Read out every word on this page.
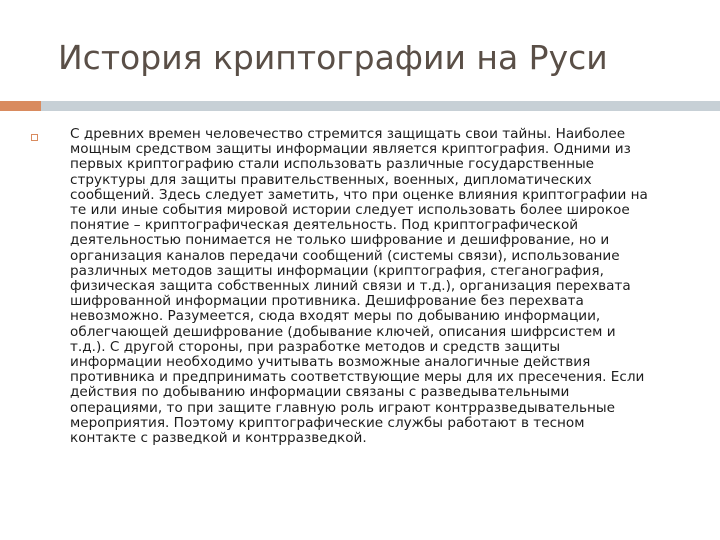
История криптографии на Руси
С древних времен человечество стремится защищать свои тайны. Наиболее
мощным средством защиты информации является криптография. Одними из
первых криптографию стали использовать различные государственные
структуры для защиты правительственных, военных, дипломатических
сообщений. Здесь следует заметить, что при оценке влияния криптографии на
те или иные события мировой истории следует использовать более широкое
понятие – криптографическая деятельность. Под криптографической
деятельностью понимается не только шифрование и дешифрование, но и
организация каналов передачи сообщений (системы связи), использование
различных методов защиты информации (криптография, стеганография,
физическая защита собственных линий связи и т.д.), организация перехвата
шифрованной информации противника. Дешифрование без перехвата
невозможно. Разумеется, сюда входят меры по добыванию информации,
облегчающей дешифрование (добывание ключей, описания шифрсистем и
т.д.). С другой стороны, при разработке методов и средств защиты
информации необходимо учитывать возможные аналогичные действия
противника и предпринимать соответствующие меры для их пресечения. Если
действия по добыванию информации связаны с разведывательными
операциями, то при защите главную роль играют контрразведывательные
мероприятия. Поэтому криптографические службы работают в тесном
контакте с разведкой и контрразведкой.
